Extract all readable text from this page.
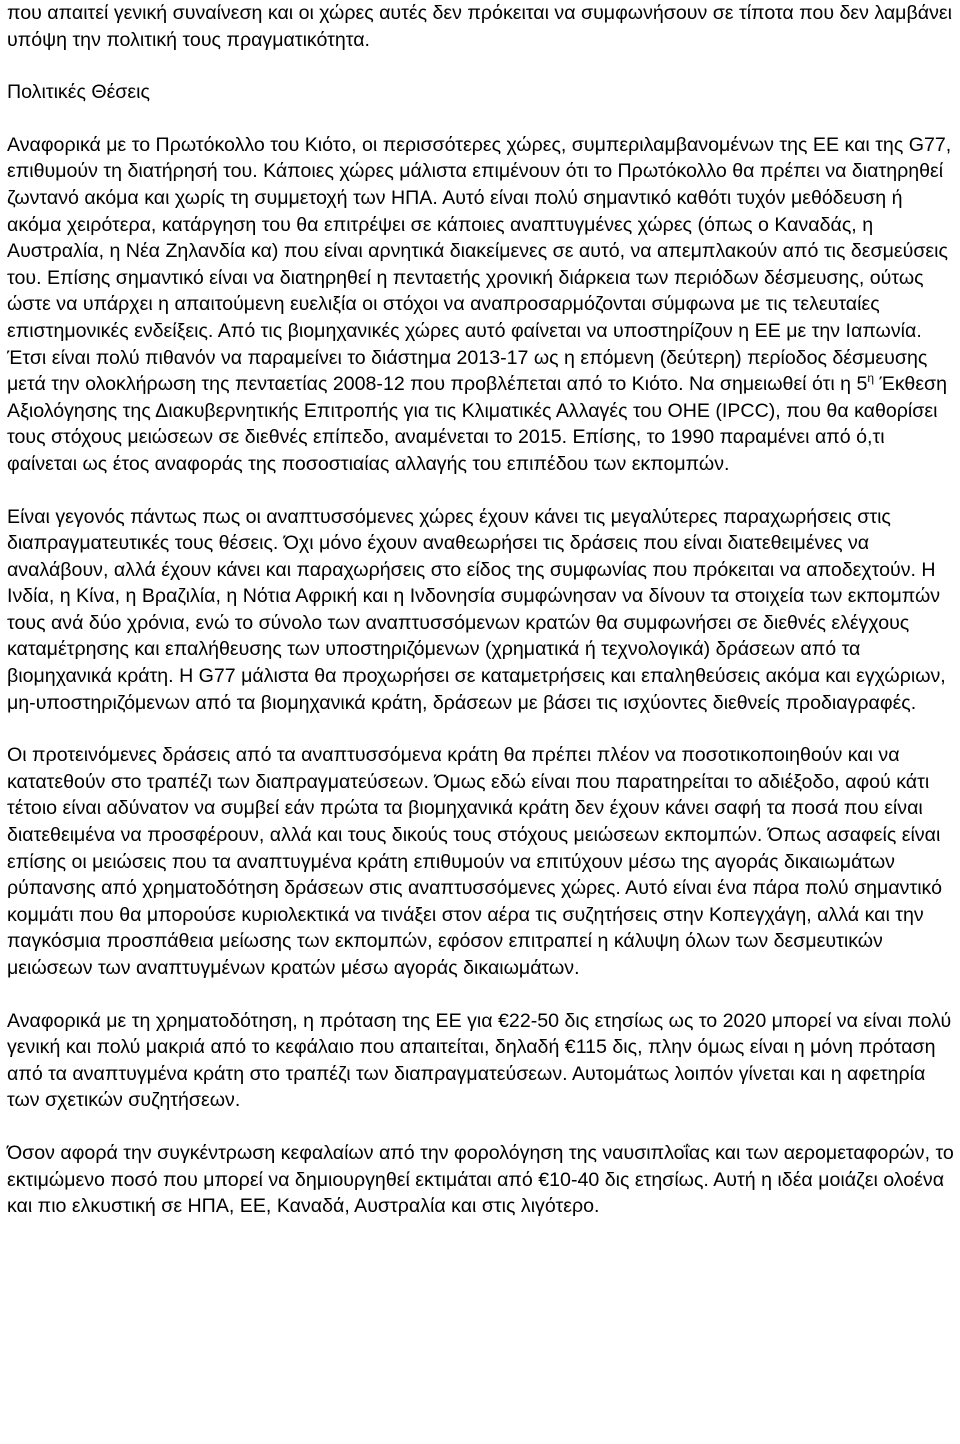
που απαιτεί γενική συναίνεση και οι χώρες αυτές δεν πρόκειται να συμφωνήσουν σε τίποτα που δεν λαμβάνει υπόψη την πολιτική τους πραγματικότητα.

Πολιτικές Θέσεις

Αναφορικά με το Πρωτόκολλο του Κιότο, οι περισσότερες χώρες, συμπεριλαμβανομένων της ΕΕ και της G77, επιθυμούν τη διατήρησή του. Κάποιες χώρες μάλιστα επιμένουν ότι το Πρωτόκολλο θα πρέπει να διατηρηθεί ζωντανό ακόμα και χωρίς τη συμμετοχή των ΗΠΑ. Αυτό είναι πολύ σημαντικό καθότι τυχόν μεθόδευση ή ακόμα χειρότερα, κατάργηση του θα επιτρέψει σε κάποιες αναπτυγμένες χώρες (όπως ο Καναδάς, η Αυστραλία, η Νέα Ζηλανδία κα) που είναι αρνητικά διακείμενες σε αυτό, να απεμπλακούν από τις δεσμεύσεις του. Επίσης σημαντικό είναι να διατηρηθεί η πενταετής χρονική διάρκεια των περιόδων δέσμευσης, ούτως ώστε να υπάρχει η απαιτούμενη ευελιξία οι στόχοι να αναπροσαρμόζονται σύμφωνα με τις τελευταίες επιστημονικές ενδείξεις. Από τις βιομηχανικές χώρες αυτό φαίνεται να υποστηρίζουν η ΕΕ με την Ιαπωνία. Έτσι είναι πολύ πιθανόν να παραμείνει το διάστημα 2013-17 ως η επόμενη (δεύτερη) περίοδος δέσμευσης μετά την ολοκλήρωση της πενταετίας 2008-12 που προβλέπεται από το Κιότο. Να σημειωθεί ότι η $5^\eta$ Έκθεση Αξιολόγησης της Διακυβερνητικής Επιτροπής για τις Κλιματικές Αλλαγές του ΟΗΕ (IPCC), που θα καθορίσει τους στόχους μειώσεων σε διεθνές επίπεδο, αναμένεται το 2015. Επίσης, το 1990 παραμένει από ό,τι φαίνεται ως έτος αναφοράς της ποσοστιαίας αλλαγής του επιπέδου των εκπομπών.

Είναι γεγονός πάντως πως οι αναπτυσσόμενες χώρες έχουν κάνει τις μεγαλύτερες παραχωρήσεις στις διαπραγματευτικές τους θέσεις. Όχι μόνο έχουν αναθεωρήσει τις δράσεις που είναι διατεθειμένες να αναλάβουν, αλλά έχουν κάνει και παραχωρήσεις στο είδος της συμφωνίας που πρόκειται να αποδεχτούν. Η Ινδία, η Κίνα, η Βραζιλία, η Νότια Αφρική και η Ινδονησία συμφώνησαν να δίνουν τα στοιχεία των εκπομπών τους ανά δύο χρόνια, ενώ το σύνολο των αναπτυσσόμενων κρατών θα συμφωνήσει σε διεθνές ελέγχους καταμέτρησης και επαλήθευσης των υποστηριζόμενων (χρηματικά ή τεχνολογικά) δράσεων από τα βιομηχανικά κράτη. Η G77 μάλιστα θα προχωρήσει σε καταμετρήσεις και επαληθεύσεις ακόμα και εγχώριων, μη-υποστηριζόμενων από τα βιομηχανικά κράτη, δράσεων με βάσει τις ισχύοντες διεθνείς προδιαγραφές.

Οι προτεινόμενες δράσεις από τα αναπτυσσόμενα κράτη θα πρέπει πλέον να ποσοτικοποιηθούν και να κατατεθούν στο τραπέζι των διαπραγματεύσεων. Όμως εδώ είναι που παρατηρείται το αδιέξοδο, αφού κάτι τέτοιο είναι αδύνατον να συμβεί εάν πρώτα τα βιομηχανικά κράτη δεν έχουν κάνει σαφή τα ποσά που είναι διατεθειμένα να προσφέρουν, αλλά και τους δικούς τους στόχους μειώσεων εκπομπών. Όπως ασαφείς είναι επίσης οι μειώσεις που τα αναπτυγμένα κράτη επιθυμούν να επιτύχουν μέσω της αγοράς δικαιωμάτων ρύπανσης από χρηματοδότηση δράσεων στις αναπτυσσόμενες χώρες. Αυτό είναι ένα πάρα πολύ σημαντικό κομμάτι που θα μπορούσε κυριολεκτικά να τινάξει στον αέρα τις συζητήσεις στην Κοπεγχάγη, αλλά και την παγκόσμια προσπάθεια μείωσης των εκπομπών, εφόσον επιτραπεί η κάλυψη όλων των δεσμευτικών μειώσεων των αναπτυγμένων κρατών μέσω αγοράς δικαιωμάτων.

Αναφορικά με τη χρηματοδότηση, η πρόταση της ΕΕ για €22-50 δις ετησίως ως το 2020 μπορεί να είναι πολύ γενική και πολύ μακριά από το κεφάλαιο που απαιτείται, δηλαδή €115 δις, πλην όμως είναι η μόνη πρόταση από τα αναπτυγμένα κράτη στο τραπέζι των διαπραγματεύσεων. Αυτομάτως λοιπόν γίνεται και η αφετηρία των σχετικών συζητήσεων.

Όσον αφορά την συγκέντρωση κεφαλαίων από την φορολόγηση της ναυσιπλοΐας και των αερομεταφορών, το εκτιμώμενο ποσό που μπορεί να δημιουργηθεί εκτιμάται από €10-40 δις ετησίως. Αυτή η ιδέα μοιάζει ολοένα και πιο ελκυστική σε ΗΠΑ, ΕΕ, Καναδά, Αυστραλία και στις λιγότερο.
